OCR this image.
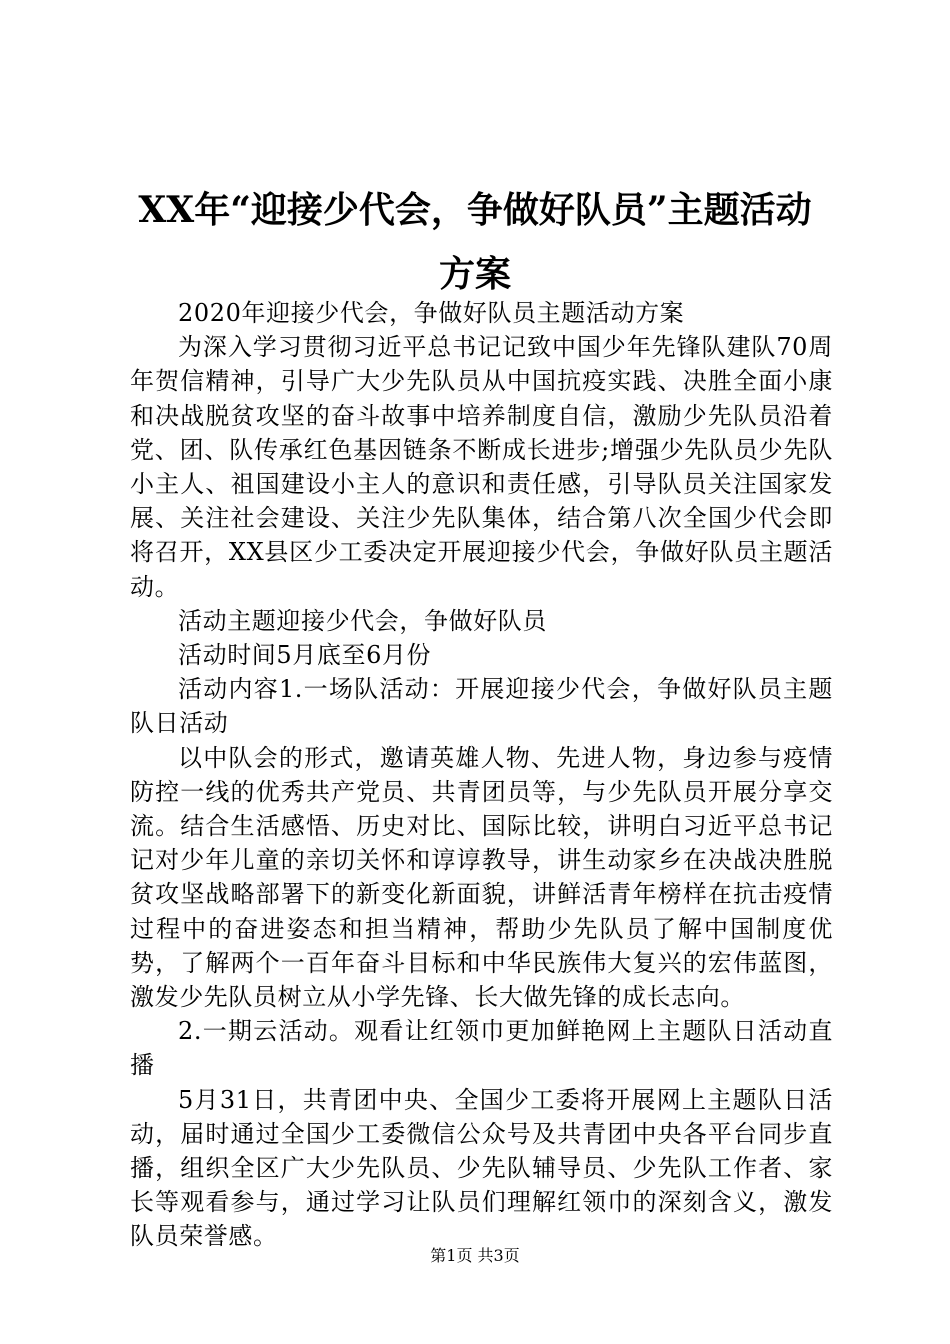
XX年“迎接少代会，争做好队员”主题活动
方案

2020年迎接少代会，争做好队员主题活动方案

为深入学习贯彻习近平总书记记致中国少年先锋队建队70周年贺信精神，引导广大少先队员从中国抗疫实践、决胜全面小康和决战脱贫攻坚的奋斗故事中培养制度自信，激励少先队员沿着党、团、队传承红色基因链条不断成长进步;增强少先队员少先队小主人、祖国建设小主人的意识和责任感，引导队员关注国家发展、关注社会建设、关注少先队集体，结合第八次全国少代会即将召开，XX县区少工委决定开展迎接少代会，争做好队员主题活动。

活动主题迎接少代会，争做好队员

活动时间5月底至6月份

活动内容1.一场队活动：开展迎接少代会，争做好队员主题队日活动

以中队会的形式，邀请英雄人物、先进人物，身边参与疫情防控一线的优秀共产党员、共青团员等，与少先队员开展分享交流。结合生活感悟、历史对比、国际比较，讲明白习近平总书记记对少年儿童的亲切关怀和谆谆教导，讲生动家乡在决战决胜脱贫攻坚战略部署下的新变化新面貌，讲鲜活青年榜样在抗击疫情过程中的奋进姿态和担当精神，帮助少先队员了解中国制度优势，了解两个一百年奋斗目标和中华民族伟大复兴的宏伟蓝图，激发少先队员树立从小学先锋、长大做先锋的成长志向。

2.一期云活动。观看让红领巾更加鲜艳网上主题队日活动直播

5月31日，共青团中央、全国少工委将开展网上主题队日活动，届时通过全国少工委微信公众号及共青团中央各平台同步直播，组织全区广大少先队员、少先队辅导员、少先队工作者、家长等观看参与，通过学习让队员们理解红领巾的深刻含义，激发队员荣誉感。

第1页 共3页
